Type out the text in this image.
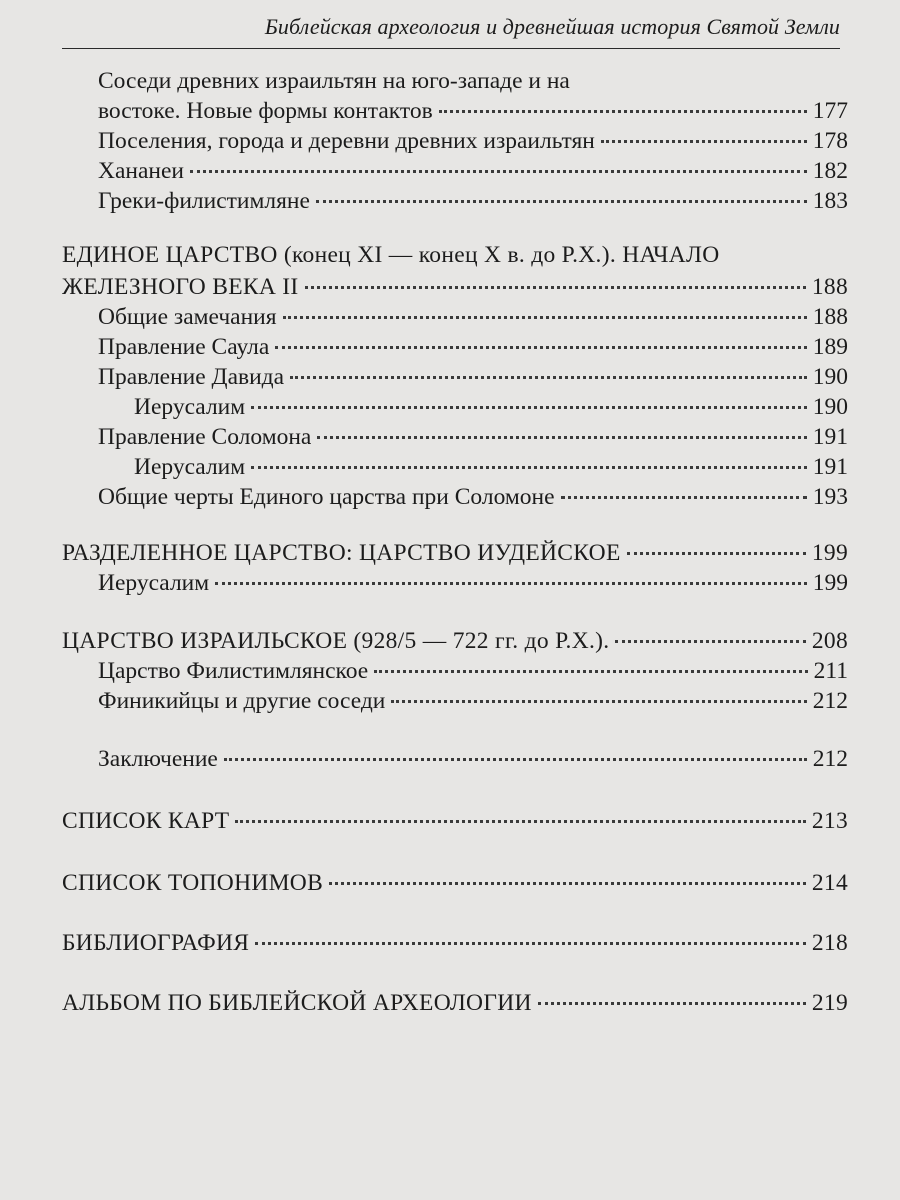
Библейская археология и древнейшая история Святой Земли
Соседи древних израильтян на юго-западе и на
востоке. Новые формы контактов	177
Поселения, города и деревни древних израильтян	178
Хананеи	182
Греки-филистимляне	183
ЕДИНОЕ ЦАРСТВО (конец XI — конец X в. до Р.Х.). НАЧАЛО
ЖЕЛЕЗНОГО ВЕКА II	188
Общие замечания	188
Правление Саула	189
Правление Давида	190
Иерусалим	190
Правление Соломона	191
Иерусалим	191
Общие черты Единого царства при Соломоне	193
РАЗДЕЛЕННОЕ ЦАРСТВО: ЦАРСТВО ИУДЕЙСКОЕ	199
Иерусалим	199
ЦАРСТВО ИЗРАИЛЬСКОЕ (928/5 — 722 гг. до Р.Х.).	208
Царство Филистимлянское	211
Финикийцы и другие соседи	212
Заключение	212
СПИСОК КАРТ	213
СПИСОК ТОПОНИМОВ	214
БИБЛИОГРАФИЯ	218
АЛЬБОМ ПО БИБЛЕЙСКОЙ АРХЕОЛОГИИ	219
